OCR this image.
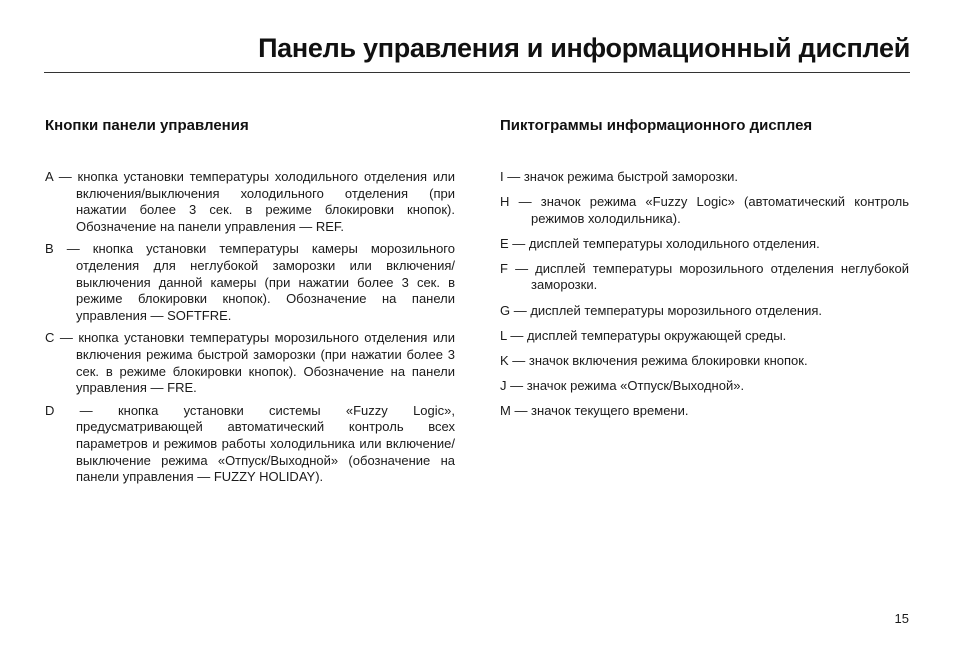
Панель управления и информационный дисплей
Кнопки панели управления
A — кнопка установки температуры холодильного отделения или включения/выключения холодильного отделения (при нажатии более 3 сек. в режиме блокировки кнопок). Обозначение на панели управления — REF.
B — кнопка установки температуры камеры морозильного отделения для неглубокой заморозки или включения/выключения данной камеры (при нажатии более 3 сек. в режиме блокировки кнопок). Обозначение на панели управления — SOFTFRE.
C — кнопка установки температуры морозильного отделения или включения режима быстрой заморозки (при нажатии более 3 сек. в режиме блокировки кнопок). Обозначение на панели управления — FRE.
D — кнопка установки системы «Fuzzy Logic», предусматривающей автоматический контроль всех параметров и режимов работы холодильника или включение/выключение режима «Отпуск/Выходной» (обозначение на панели управления — FUZZY HOLIDAY).
Пиктограммы информационного дисплея
I — значок режима быстрой заморозки.
H — значок режима «Fuzzy Logic» (автоматический контроль режимов холодильника).
E — дисплей температуры холодильного отделения.
F — дисплей температуры морозильного отделения неглубокой заморозки.
G — дисплей температуры морозильного отделения.
L — дисплей температуры окружающей среды.
K — значок включения режима блокировки кнопок.
J — значок режима «Отпуск/Выходной».
M — значок текущего времени.
15
